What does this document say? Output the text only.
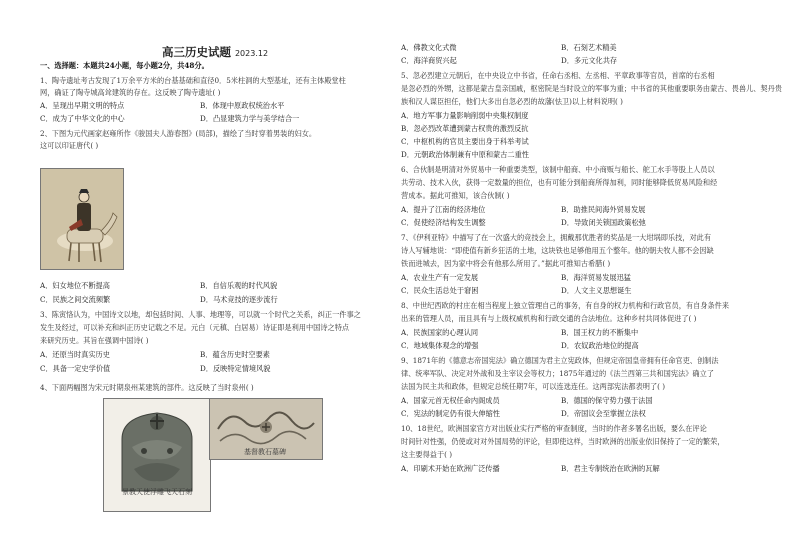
高三历史试题 2023.12
一、选择题：本题共24小题，每小题2分，共48分。
1、陶寺遗址考古发现了1万余平方米的台基基础和直径0．5米柱洞的大型基址，还有主体殿堂柱
网，确证了陶寺城高耸建筑的存在。这反映了陶寺遗址( )
A．呈现出早期文明的特点	B．体现中原政权统治水平
C．成为了中华文化的中心	D．凸显建筑力学与美学结合一
2、下图为元代画家赵雍所作《骏国夫人游春图》(局部)，描绘了当时穿着男装的妇女。
这可以印证唐代( )
A．妇女地位不断提高	B．自信乐观的时代风貌
C．民族之间交流频繁	D．马术竞技的逐步流行
3、陈寅恪认为，中国诗文以地，却包括时间、人事、地理等，可以就一个时代之关系，纠正一件事之
发生及经过，可以补充和纠正历史记载之不足。元白（元稹、白居易）诗证即是利用中国诗之特点
来研究历史。其旨在强调中国诗( )
A．还原当时真实历史	B．蕴含历史时空要素
C．具备一定史学价值	D．反映特定情境风貌
4、下面两幅图为宋元时期泉州某建筑的部件。这反映了当时泉州( )
景教天使浮雕飞天石刻
基督教石墓碑
A．佛教文化式微	B．石刻艺术精美
C．海洋商贸兴起	D．多元文化共存
5、忽必烈建立元朝后，在中央设立中书省，任命右丞相、左丞相、平章政事等官员，首席的右丞相
是忽必烈的外甥，这都是蒙古皇亲国戚，枢密院是当时设立的军事为重；中书省的其他重要职务由蒙古、畏兽儿、契丹贵
族和汉人谋臣担任，他们大多出自忽必烈的故藩(怯卫)以上材料说明( )
A．地方军事力量影响削弱中央集权制度
B．忽必烈改革遭到蒙古权贵的激烈反抗
C．中枢机构的官员主要出身于科举考试
D．元朝政治体制兼有中原和蒙古二重性
6、合伙制是明清对外贸易中一种重要类型，该制中船商、中小商贩与船长、舵工水手等股上人员以
共劳动、技术入伙，获得一定数量的担位，也有可能分到船商所得加利，同时能够降低贸易风险和经
营成本。据此可推知，该合伙制( )
A．提升了江南的经济地位	B．助推民间海外贸易发展
C．促使经济结构发生调整	D．导致闭关锁国政策松弛
7、《伊利亚特》中描写了在一次盛大的竞技会上，拥戴那优胜者的奖品是一大坩埚即乐技，对此有
诗人写辅地说：“即使值有新乡狂活的土地，这块铁也足够他用五个整年。他的朝夫牧人都不会因缺
铁而进城去，因为家中将会有他那么所用了。”据此可推知古希腊( )
A．农业生产有一定发展	B．海洋贸易发展迅猛
C．民众生活总处于窘困	D．人文主义思想诞生
8、中世纪西欧的村庄在相当程度上独立管理自己的事务，有自身的权力机构和行政官员，有自身条件来
出来的管理人员，而且具有与上级权威机构和行政交通的合法地位。这种乡村共同体促进了( )
A．民族国家的心理认同	B．国王权力的不断集中
C．地域集体观念的增强	D．农奴政治地位的提高
9、1871年的《德意志帝国宪法》确立德国为君主立宪政体，但规定帝国皇帝拥有任命官吏、创制法
律、统率军队、决定对外战和及主宰议会等权力；1875年通过的《法兰西第三共和国宪法》确立了
法国为民主共和政体，但规定总统任期7年，可以连选连任。这两部宪法都表明了( )
A．国家元首无权任命内阁成员	B．德国的保守势力强于法国
C．宪法的制定仍有很大伸缩性	D．帝国议会至掌握立法权
10、18世纪，欧洲国家官方对出版业实行严格的审查制度，当时的作者多署名出版，要么在评论
时间针对性强，仍使或对对外国局势的评论，但即使这样，当时欧洲的出版业依旧保持了一定的繁荣，
这主要得益于( )
A．印刷术开始在欧洲广泛传播	B．君主专制统治在欧洲的瓦解
